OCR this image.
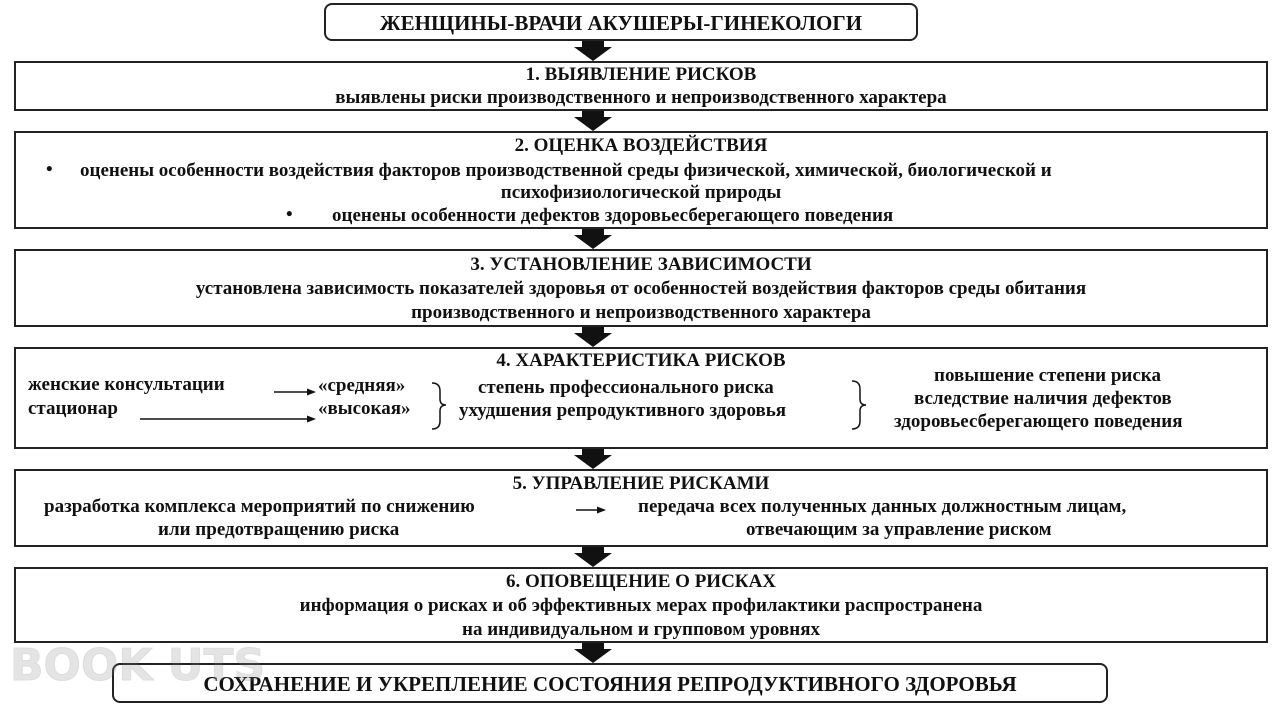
ЖЕНЩИНЫ-ВРАЧИ АКУШЕРЫ-ГИНЕКОЛОГИ
1. ВЫЯВЛЕНИЕ РИСКОВ
выявлены риски производственного и непроизводственного характера
2. ОЦЕНКА ВОЗДЕЙСТВИЯ
• оценены особенности воздействия факторов производственной среды физической, химической, биологической и
психофизиологической природы
• оценены особенности дефектов здоровьесберегающего поведения
3. УСТАНОВЛЕНИЕ ЗАВИСИМОСТИ
установлена зависимость показателей здоровья от особенностей воздействия факторов среды обитания
производственного и непроизводственного характера
4. ХАРАКТЕРИСТИКА РИСКОВ
женские консультации
стационар
«средняя»
«высокая»
степень профессионального риска
ухудшения репродуктивного здоровья
повышение степени риска
вследствие наличия дефектов
здоровьесберегающего поведения
5. УПРАВЛЕНИЕ РИСКАМИ
разработка комплекса мероприятий по снижению
или предотвращению риска
передача всех полученных данных должностным лицам,
отвечающим за управление риском
6. ОПОВЕЩЕНИЕ О РИСКАХ
информация о рисках и об эффективных мерах профилактики распространена
на индивидуальном и групповом уровнях
СОХРАНЕНИЕ И УКРЕПЛЕНИЕ СОСТОЯНИЯ РЕПРОДУКТИВНОГО ЗДОРОВЬЯ
BOOK UTS
